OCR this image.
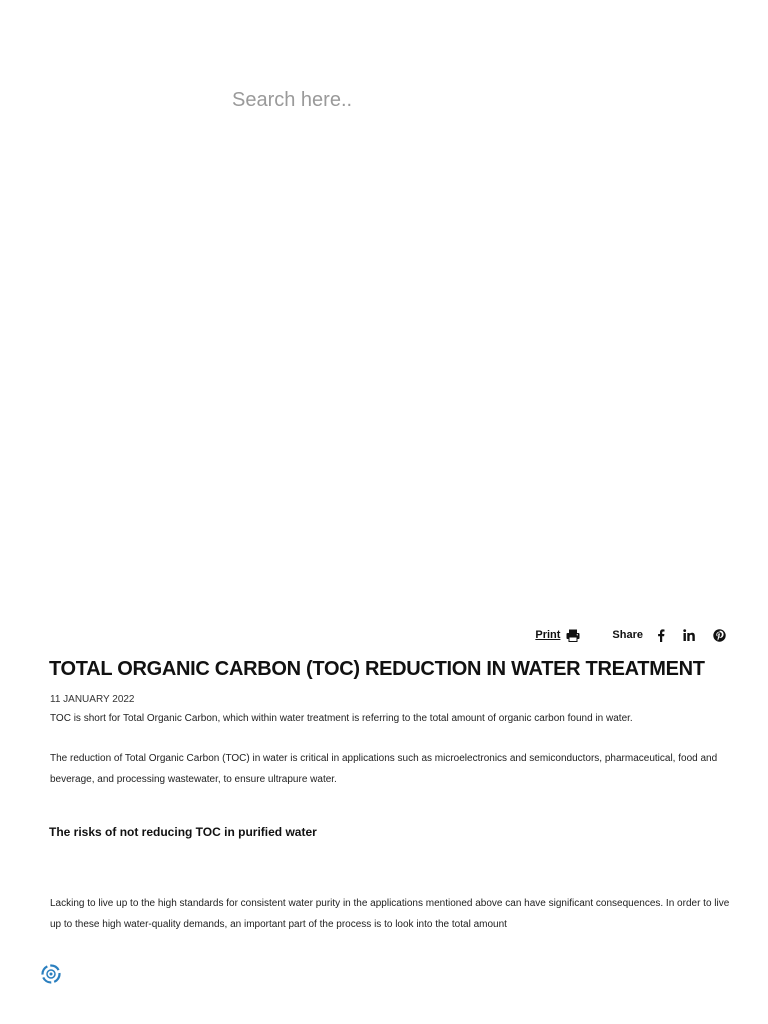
Search here..
Print	Share
TOTAL ORGANIC CARBON (TOC) REDUCTION IN WATER TREATMENT

11 JANUARY 2022

TOC is short for Total Organic Carbon, which within water treatment is referring to the total amount of organic carbon found in water.

The reduction of Total Organic Carbon (TOC) in water is critical in applications such as microelectronics and semiconductors, pharmaceutical, food and beverage, and processing wastewater, to ensure ultrapure water.

The risks of not reducing TOC in purified water

Lacking to live up to the high standards for consistent water purity in the applications mentioned above can have significant consequences. In order to live up to these high water-quality demands, an important part of the process is to look into the total amount
